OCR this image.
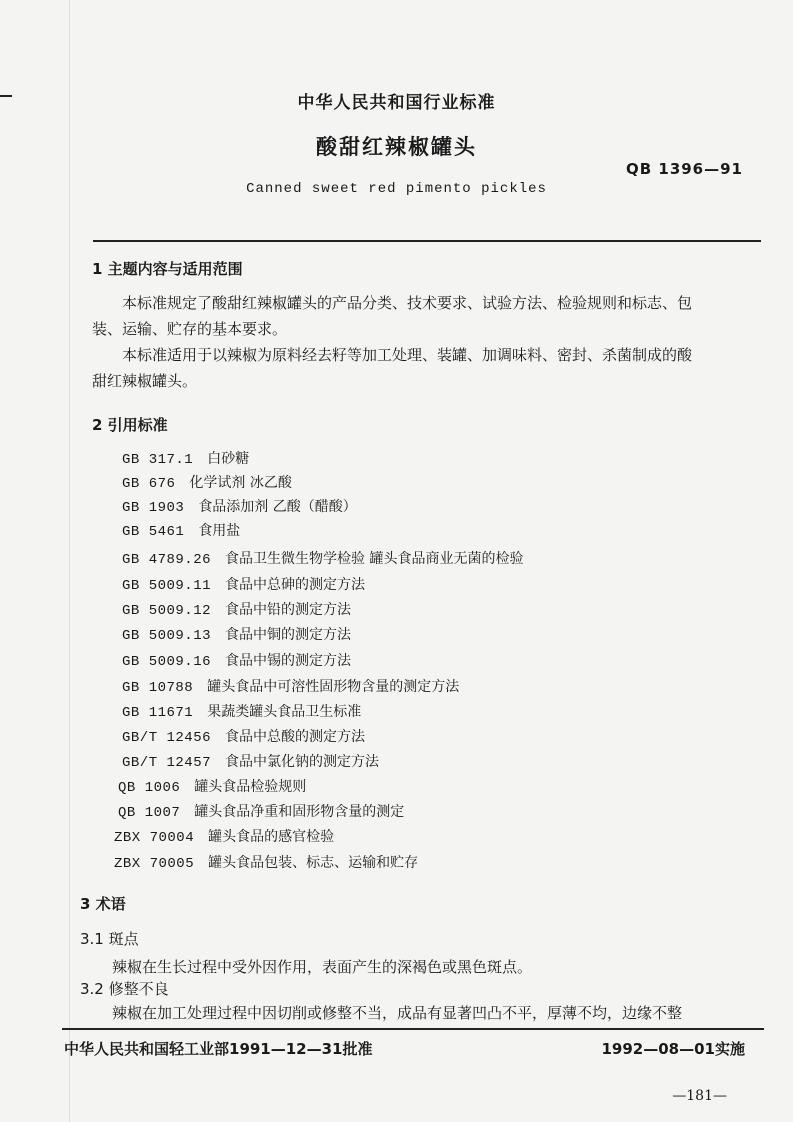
中华人民共和国行业标准
酸甜红辣椒罐头
QB 1396—91
Canned sweet red pimento pickles
1 主题内容与适用范围
本标准规定了酸甜红辣椒罐头的产品分类、技术要求、试验方法、检验规则和标志、包
装、运输、贮存的基本要求。
本标准适用于以辣椒为原料经去籽等加工处理、装罐、加调味料、密封、杀菌制成的酸
甜红辣椒罐头。
2 引用标准
GB 317.1 白砂糖
GB 676 化学试剂 冰乙酸
GB 1903 食品添加剂 乙酸（醋酸）
GB 5461 食用盐
GB 4789.26 食品卫生微生物学检验 罐头食品商业无菌的检验
GB 5009.11 食品中总砷的测定方法
GB 5009.12 食品中铅的测定方法
GB 5009.13 食品中铜的测定方法
GB 5009.16 食品中锡的测定方法
GB 10788 罐头食品中可溶性固形物含量的测定方法
GB 11671 果蔬类罐头食品卫生标准
GB/T 12456 食品中总酸的测定方法
GB/T 12457 食品中氯化钠的测定方法
QB 1006 罐头食品检验规则
QB 1007 罐头食品净重和固形物含量的测定
ZBX 70004 罐头食品的感官检验
ZBX 70005 罐头食品包装、标志、运输和贮存
3 术语
3.1 斑点
辣椒在生长过程中受外因作用，表面产生的深褐色或黑色斑点。
3.2 修整不良
辣椒在加工处理过程中因切削或修整不当，成品有显著凹凸不平，厚薄不均，边缘不整
中华人民共和国轻工业部1991—12—31批准	1992—08—01实施
—181—
